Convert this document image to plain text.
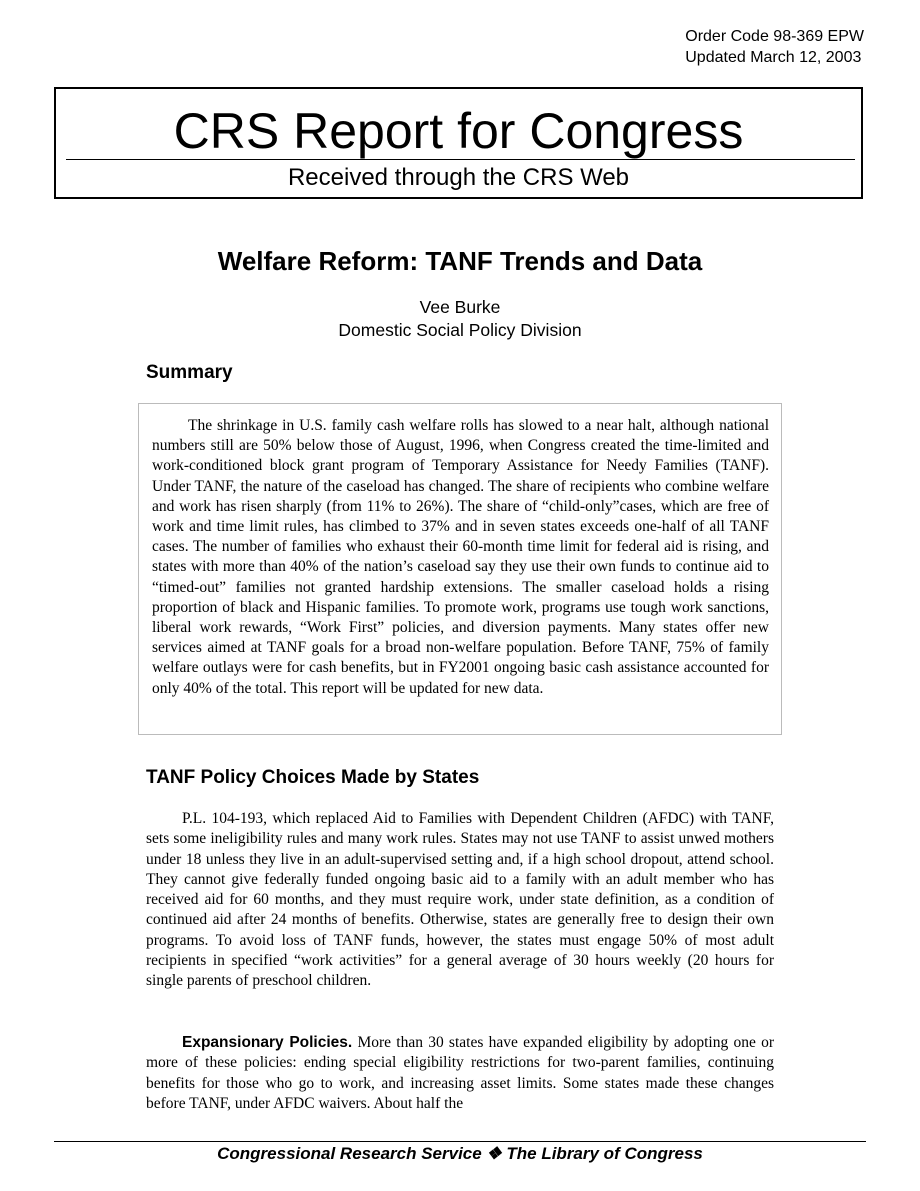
Order Code 98-369 EPW
Updated March 12, 2003
CRS Report for Congress
Received through the CRS Web
Welfare Reform: TANF Trends and Data
Vee Burke
Domestic Social Policy Division
Summary

The shrinkage in U.S. family cash welfare rolls has slowed to a near halt, although national numbers still are 50% below those of August, 1996, when Congress created the time-limited and work-conditioned block grant program of Temporary Assistance for Needy Families (TANF). Under TANF, the nature of the caseload has changed. The share of recipients who combine welfare and work has risen sharply (from 11% to 26%). The share of “child-only”cases, which are free of work and time limit rules, has climbed to 37% and in seven states exceeds one-half of all TANF cases. The number of families who exhaust their 60-month time limit for federal aid is rising, and states with more than 40% of the nation’s caseload say they use their own funds to continue aid to “timed-out” families not granted hardship extensions. The smaller caseload holds a rising proportion of black and Hispanic families. To promote work, programs use tough work sanctions, liberal work rewards, “Work First” policies, and diversion payments. Many states offer new services aimed at TANF goals for a broad non-welfare population. Before TANF, 75% of family welfare outlays were for cash benefits, but in FY2001 ongoing basic cash assistance accounted for only 40% of the total. This report will be updated for new data.

TANF Policy Choices Made by States

P.L. 104-193, which replaced Aid to Families with Dependent Children (AFDC) with TANF, sets some ineligibility rules and many work rules. States may not use TANF to assist unwed mothers under 18 unless they live in an adult-supervised setting and, if a high school dropout, attend school. They cannot give federally funded ongoing basic aid to a family with an adult member who has received aid for 60 months, and they must require work, under state definition, as a condition of continued aid after 24 months of benefits. Otherwise, states are generally free to design their own programs. To avoid loss of TANF funds, however, the states must engage 50% of most adult recipients in specified “work activities” for a general average of 30 hours weekly (20 hours for single parents of preschool children.

Expansionary Policies. More than 30 states have expanded eligibility by adopting one or more of these policies: ending special eligibility restrictions for two-parent families, continuing benefits for those who go to work, and increasing asset limits. Some states made these changes before TANF, under AFDC waivers. About half the

Congressional Research Service ❖ The Library of Congress
